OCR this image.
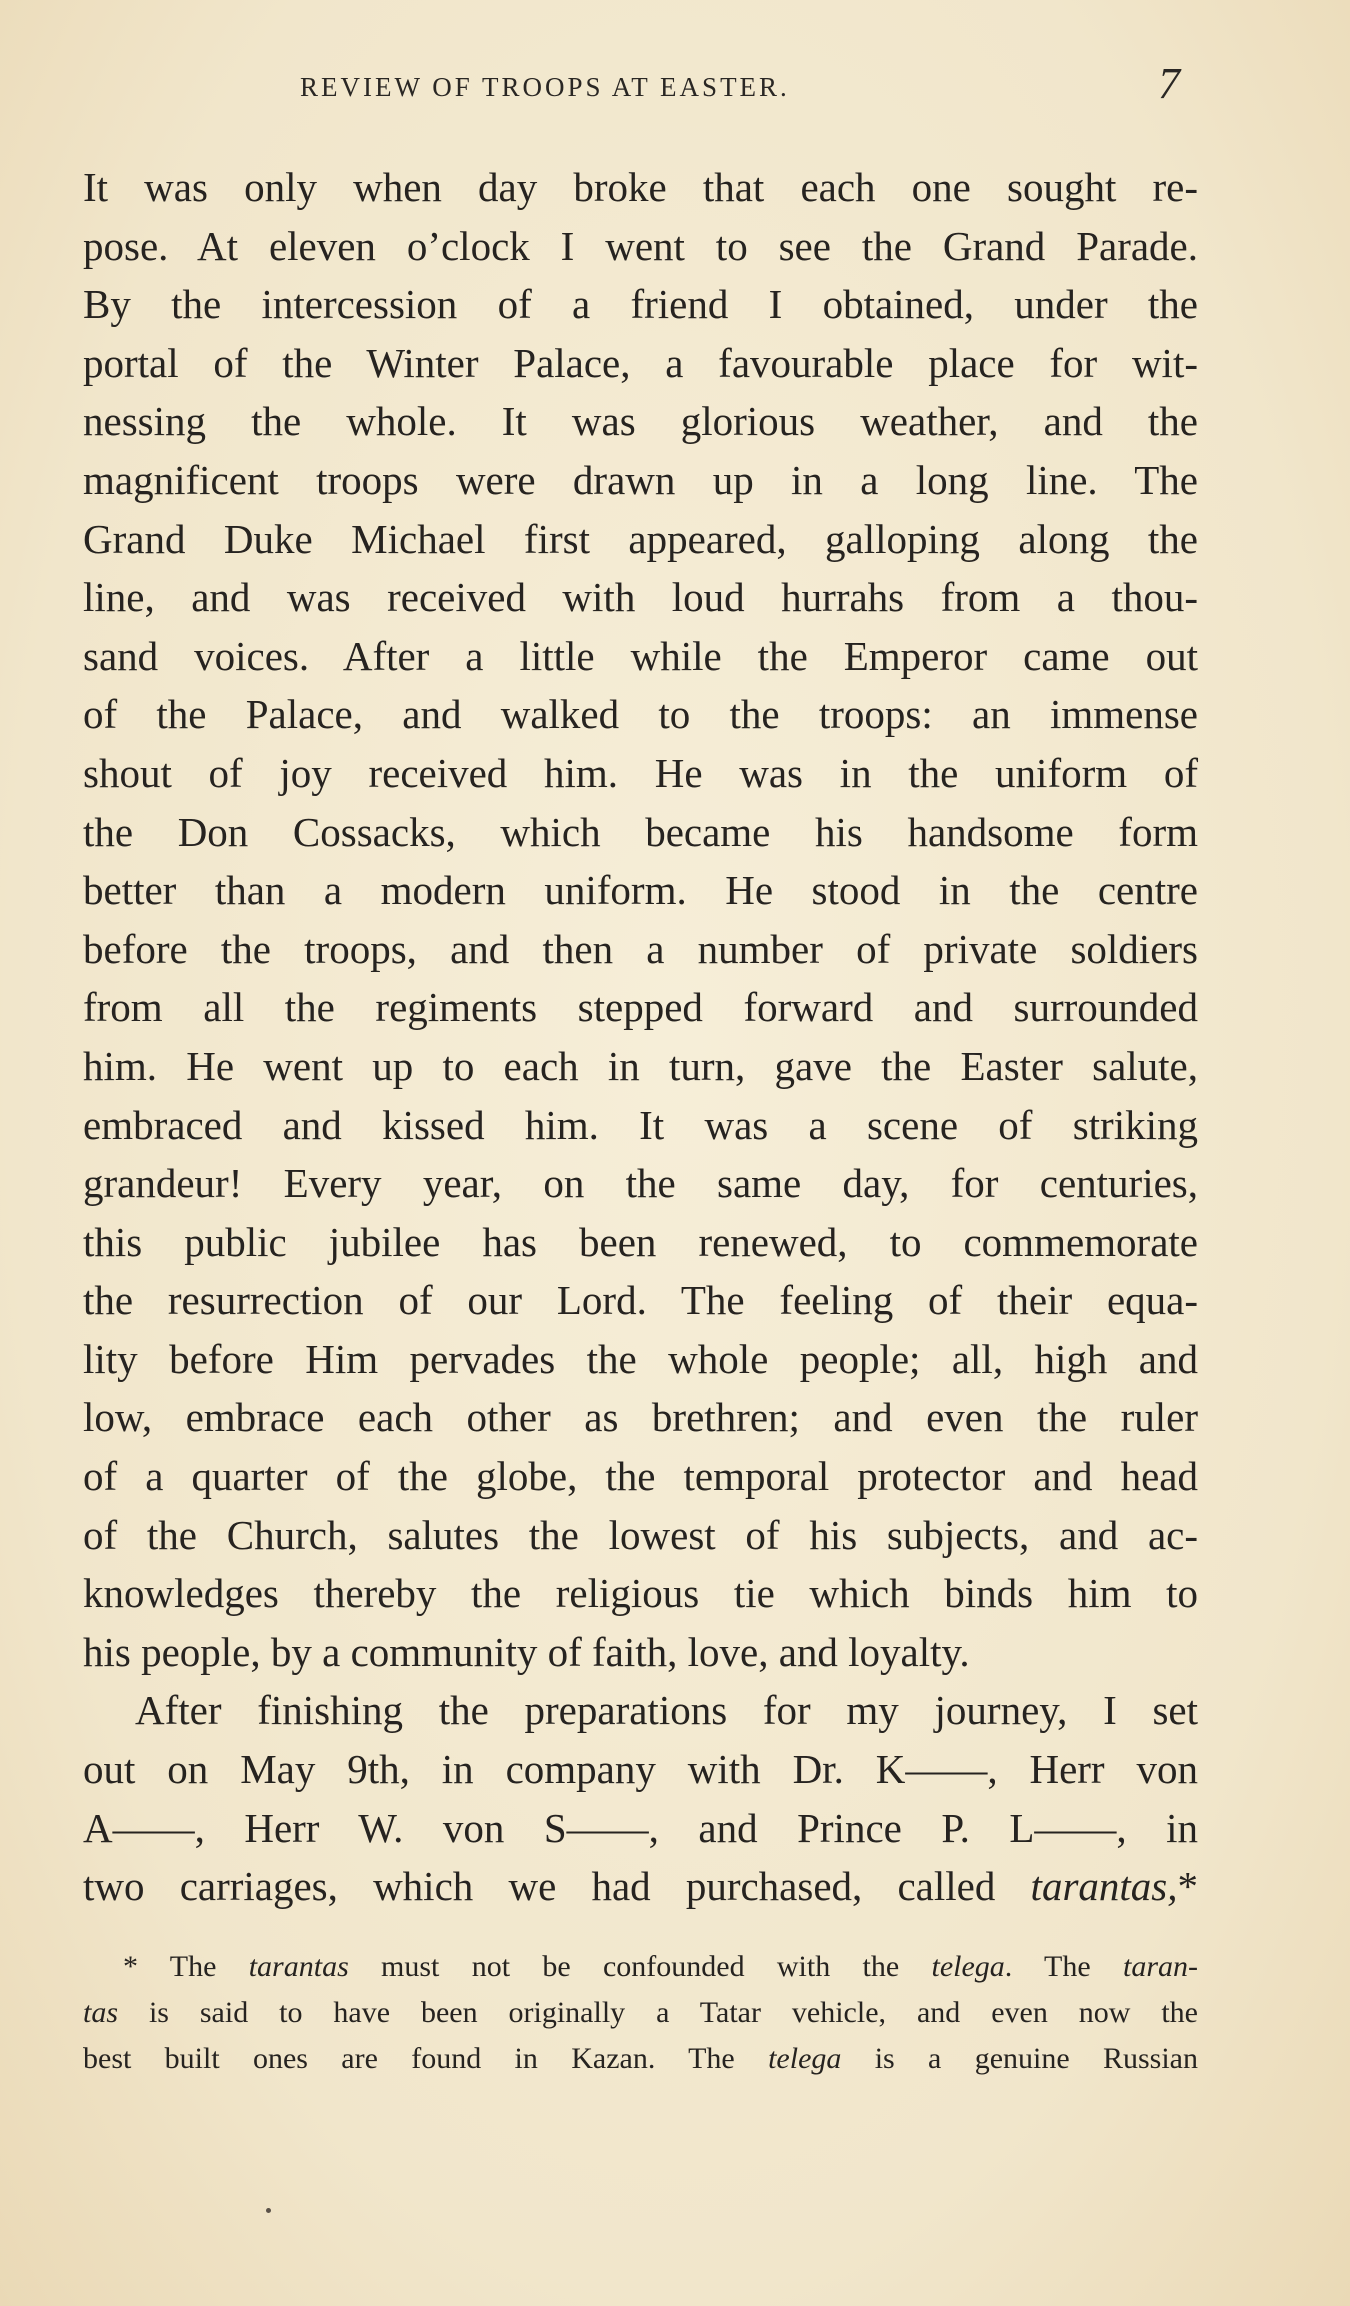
REVIEW OF TROOPS AT EASTER.	7
It was only when day broke that each one sought re-
pose. At eleven o’clock I went to see the Grand Parade.
By the intercession of a friend I obtained, under the
portal of the Winter Palace, a favourable place for wit-
nessing the whole. It was glorious weather, and the
magnificent troops were drawn up in a long line. The
Grand Duke Michael first appeared, galloping along the
line, and was received with loud hurrahs from a thou-
sand voices. After a little while the Emperor came out
of the Palace, and walked to the troops: an immense
shout of joy received him. He was in the uniform of
the Don Cossacks, which became his handsome form
better than a modern uniform. He stood in the centre
before the troops, and then a number of private soldiers
from all the regiments stepped forward and surrounded
him. He went up to each in turn, gave the Easter salute,
embraced and kissed him. It was a scene of striking
grandeur! Every year, on the same day, for centuries,
this public jubilee has been renewed, to commemorate
the resurrection of our Lord. The feeling of their equa-
lity before Him pervades the whole people; all, high and
low, embrace each other as brethren; and even the ruler
of a quarter of the globe, the temporal protector and head
of the Church, salutes the lowest of his subjects, and ac-
knowledges thereby the religious tie which binds him to
his people, by a community of faith, love, and loyalty.
After finishing the preparations for my journey, I set
out on May 9th, in company with Dr. K——, Herr von
A——, Herr W. von S——, and Prince P. L——, in
two carriages, which we had purchased, called tarantas,*
* The tarantas must not be confounded with the telega. The taran-
tas is said to have been originally a Tatar vehicle, and even now the
best built ones are found in Kazan. The telega is a genuine Russian
